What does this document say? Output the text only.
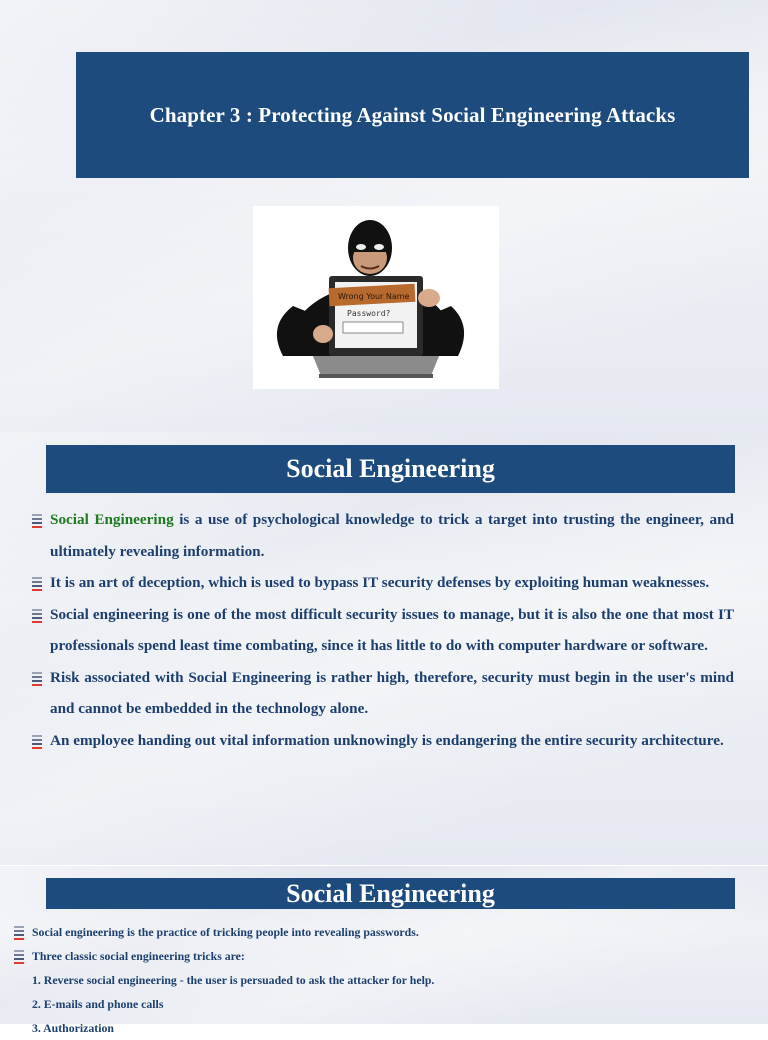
Chapter 3 : Protecting Against Social Engineering Attacks
Wrong Your Name
Password?
Social Engineering

Social Engineering is a use of psychological knowledge to trick a target into trusting the engineer, and ultimately revealing information.

It is an art of deception, which is used to bypass IT security defenses by exploiting human weaknesses.

Social engineering is one of the most difficult security issues to manage, but it is also the one that most IT professionals spend least time combating, since it has little to do with computer hardware or software.

Risk associated with Social Engineering is rather high, therefore, security must begin in the user's mind and cannot be embedded in the technology alone.

An employee handing out vital information unknowingly is endangering the entire security architecture.

Social Engineering

Social engineering is the practice of tricking people into revealing passwords.

Three classic social engineering tricks are:

1. Reverse social engineering - the user is persuaded to ask the attacker for help.

2. E-mails and phone calls

3. Authorization
